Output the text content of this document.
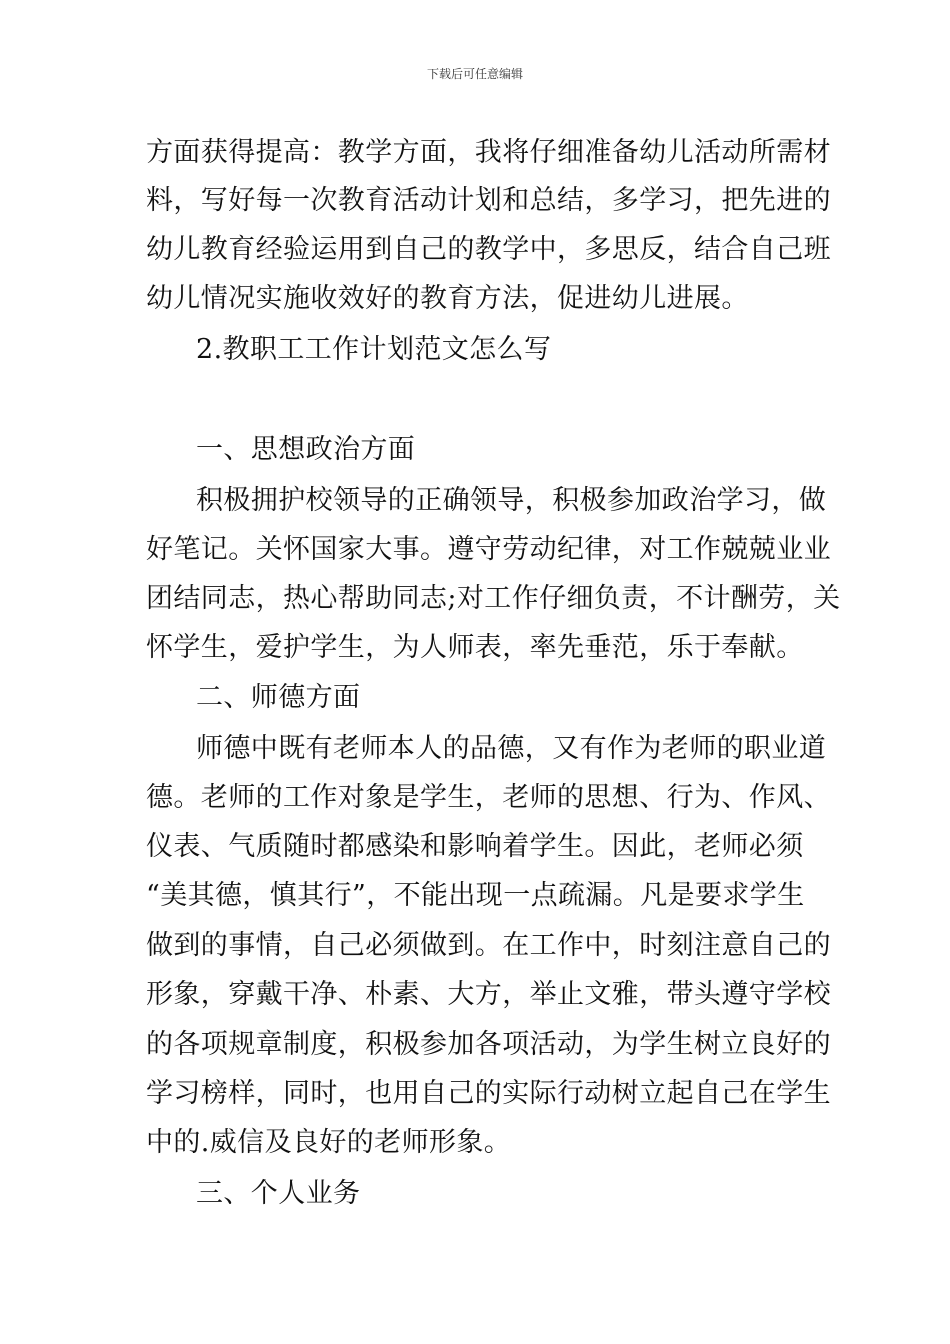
下载后可任意编辑
方面获得提高：教学方面，我将仔细准备幼儿活动所需材
料，写好每一次教育活动计划和总结，多学习，把先进的
幼儿教育经验运用到自己的教学中，多思反，结合自己班
幼儿情况实施收效好的教育方法，促进幼儿进展。
2.教职工工作计划范文怎么写
一、思想政治方面
积极拥护校领导的正确领导，积极参加政治学习，做
好笔记。关怀国家大事。遵守劳动纪律，对工作兢兢业业
团结同志，热心帮助同志;对工作仔细负责，不计酬劳，关
怀学生，爱护学生，为人师表，率先垂范，乐于奉献。
二、师德方面
师德中既有老师本人的品德，又有作为老师的职业道
德。老师的工作对象是学生，老师的思想、行为、作风、
仪表、气质随时都感染和影响着学生。因此，老师必须
“美其德，慎其行”，不能出现一点疏漏。凡是要求学生
做到的事情，自己必须做到。在工作中，时刻注意自己的
形象，穿戴干净、朴素、大方，举止文雅，带头遵守学校
的各项规章制度，积极参加各项活动，为学生树立良好的
学习榜样，同时，也用自己的实际行动树立起自己在学生
中的.威信及良好的老师形象。
三、个人业务
